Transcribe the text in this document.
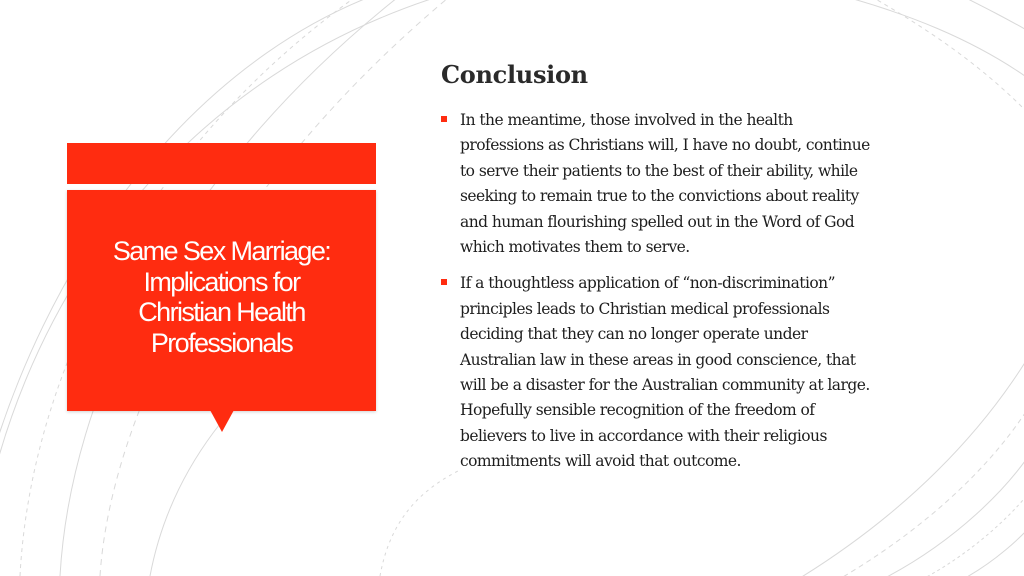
Same Sex Marriage:
Implications for
Christian Health
Professionals
Conclusion
In the meantime, those involved in the health
professions as Christians will, I have no doubt, continue
to serve their patients to the best of their ability, while
seeking to remain true to the convictions about reality
and human flourishing spelled out in the Word of God
which motivates them to serve.
If a thoughtless application of “non-discrimination”
principles leads to Christian medical professionals
deciding that they can no longer operate under
Australian law in these areas in good conscience, that
will be a disaster for the Australian community at large.
Hopefully sensible recognition of the freedom of
believers to live in accordance with their religious
commitments will avoid that outcome.
